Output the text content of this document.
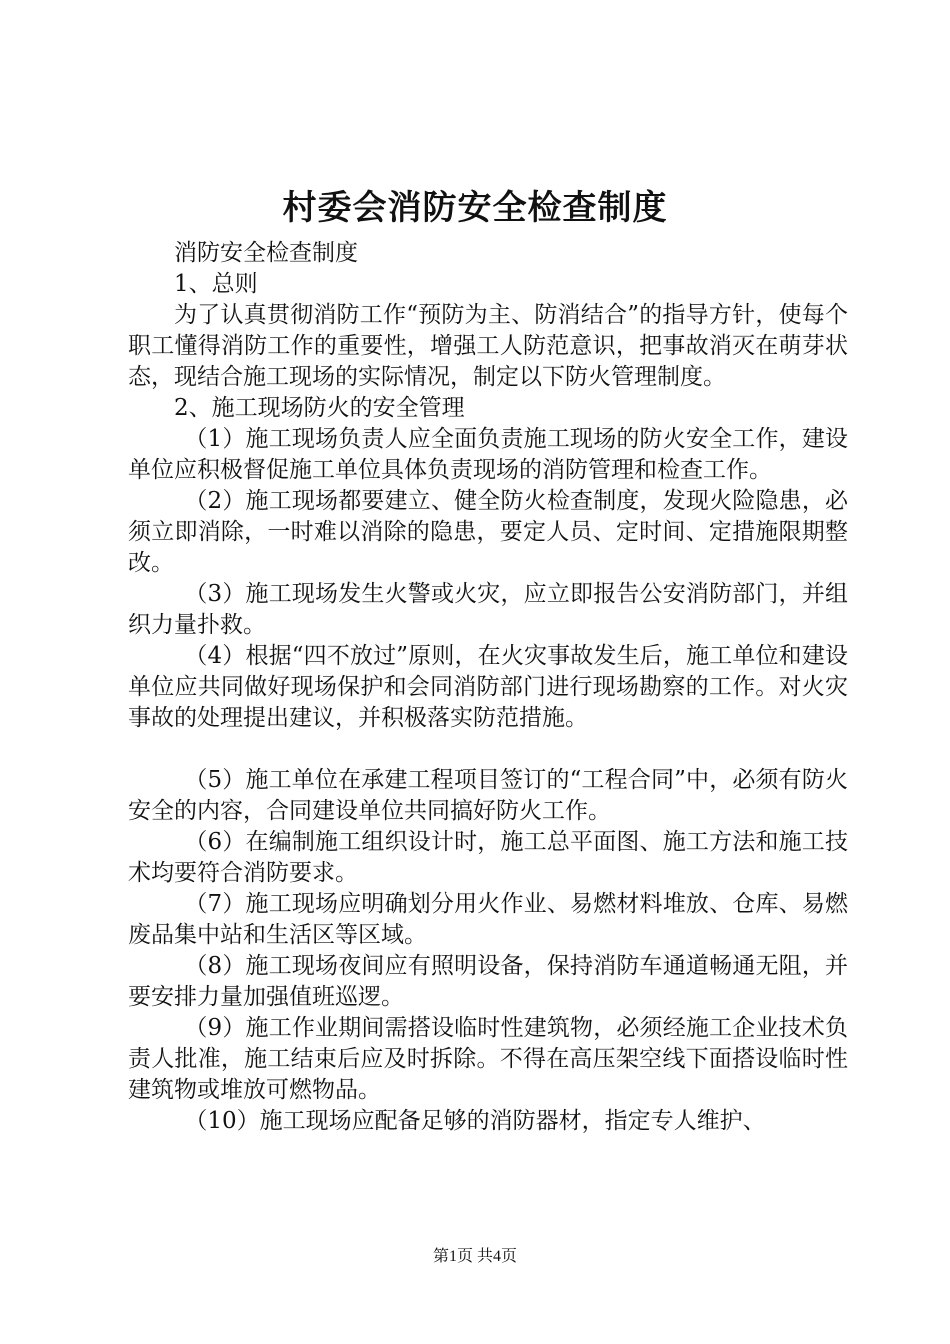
村委会消防安全检查制度

消防安全检查制度

1、总则

为了认真贯彻消防工作“预防为主、防消结合”的指导方针，使每个职工懂得消防工作的重要性，增强工人防范意识，把事故消灭在萌芽状态，现结合施工现场的实际情况，制定以下防火管理制度。

2、施工现场防火的安全管理

（1）施工现场负责人应全面负责施工现场的防火安全工作，建设单位应积极督促施工单位具体负责现场的消防管理和检查工作。

（2）施工现场都要建立、健全防火检查制度，发现火险隐患，必须立即消除，一时难以消除的隐患，要定人员、定时间、定措施限期整改。

（3）施工现场发生火警或火灾，应立即报告公安消防部门，并组织力量扑救。

（4）根据“四不放过”原则，在火灾事故发生后，施工单位和建设单位应共同做好现场保护和会同消防部门进行现场勘察的工作。对火灾事故的处理提出建议，并积极落实防范措施。

（5）施工单位在承建工程项目签订的“工程合同”中，必须有防火安全的内容，合同建设单位共同搞好防火工作。

（6）在编制施工组织设计时，施工总平面图、施工方法和施工技术均要符合消防要求。

（7）施工现场应明确划分用火作业、易燃材料堆放、仓库、易燃废品集中站和生活区等区域。

（8）施工现场夜间应有照明设备，保持消防车通道畅通无阻，并要安排力量加强值班巡逻。

（9）施工作业期间需搭设临时性建筑物，必须经施工企业技术负责人批准，施工结束后应及时拆除。不得在高压架空线下面搭设临时性建筑物或堆放可燃物品。

（10）施工现场应配备足够的消防器材，指定专人维护、

第1页 共4页
